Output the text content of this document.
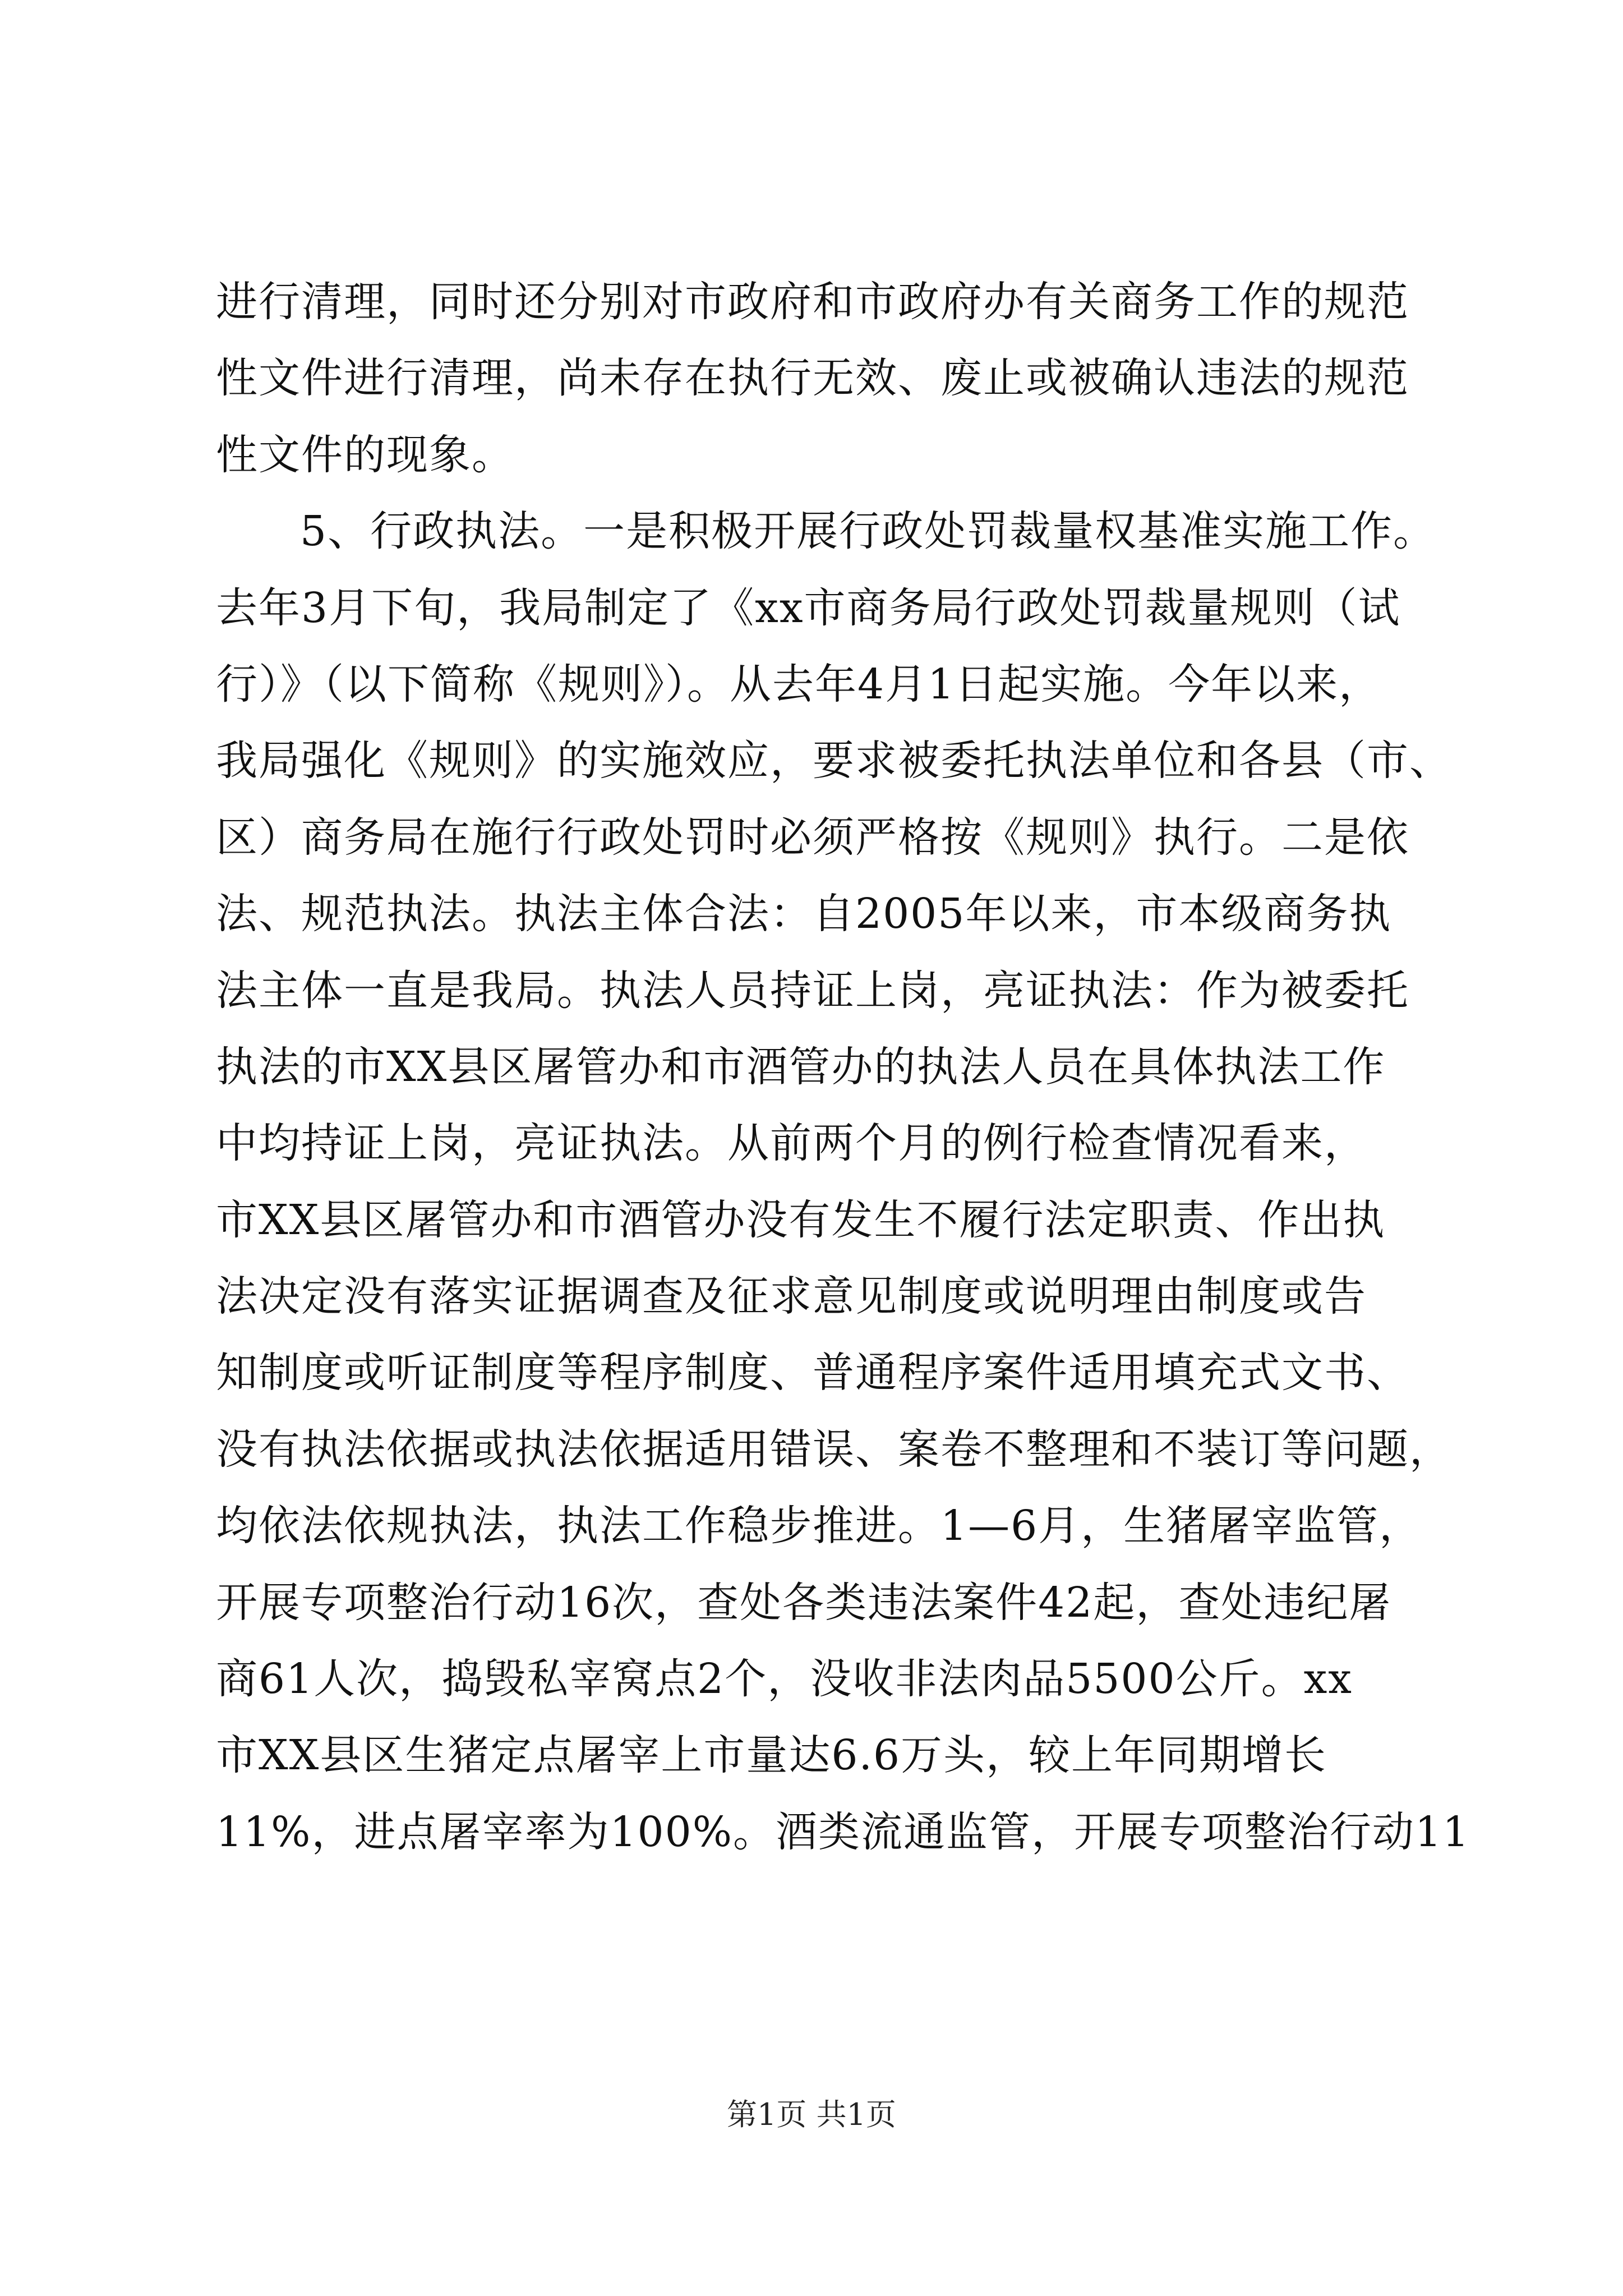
进行清理，同时还分别对市政府和市政府办有关商务工作的规范
性文件进行清理，尚未存在执行无效、废止或被确认违法的规范
性文件的现象。
5、行政执法。一是积极开展行政处罚裁量权基准实施工作。
去年3月下旬，我局制定了《xx市商务局行政处罚裁量规则（试
行）》（以下简称《规则》）。从去年4月1日起实施。今年以来，
我局强化《规则》的实施效应，要求被委托执法单位和各县（市、
区）商务局在施行行政处罚时必须严格按《规则》执行。二是依
法、规范执法。执法主体合法：自2005年以来，市本级商务执
法主体一直是我局。执法人员持证上岗，亮证执法：作为被委托
执法的市XX县区屠管办和市酒管办的执法人员在具体执法工作
中均持证上岗，亮证执法。从前两个月的例行检查情况看来，
市XX县区屠管办和市酒管办没有发生不履行法定职责、作出执
法决定没有落实证据调查及征求意见制度或说明理由制度或告
知制度或听证制度等程序制度、普通程序案件适用填充式文书、
没有执法依据或执法依据适用错误、案卷不整理和不装订等问题，
均依法依规执法，执法工作稳步推进。1—6月，生猪屠宰监管，
开展专项整治行动16次，查处各类违法案件42起，查处违纪屠
商61人次，捣毁私宰窝点2个，没收非法肉品5500公斤。xx
市XX县区生猪定点屠宰上市量达6.6万头，较上年同期增长
11%，进点屠宰率为100%。酒类流通监管，开展专项整治行动11
第1页 共1页
